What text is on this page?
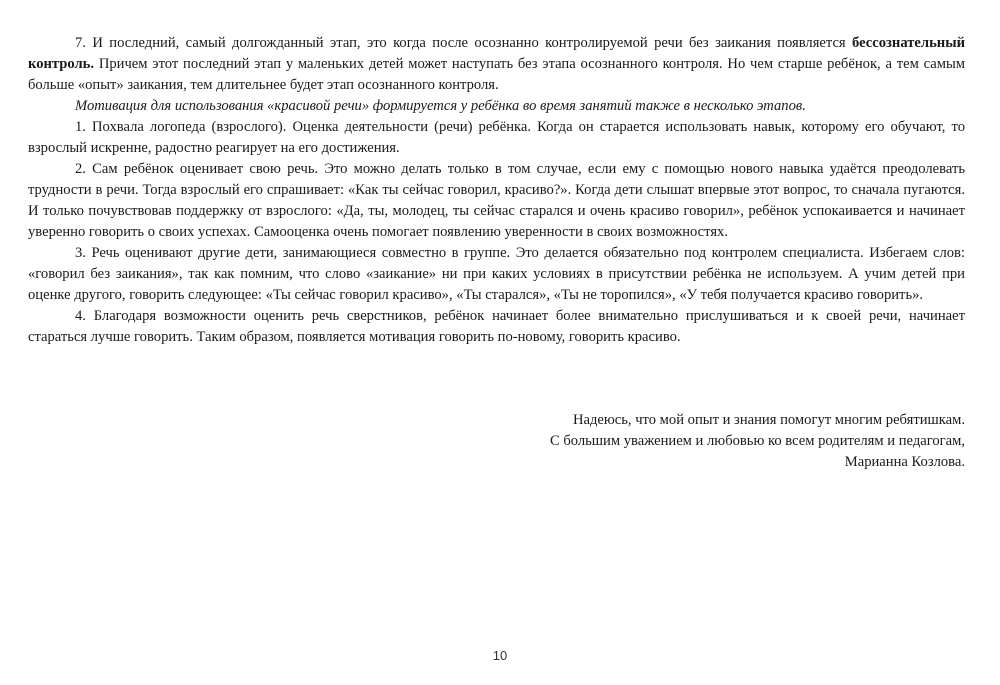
7. И последний, самый долгожданный этап, это когда после осознанно контролируемой речи без заикания появляется бессознательный контроль. Причем этот последний этап у маленьких детей может наступать без этапа осознанного контроля. Но чем старше ребёнок, а тем самым больше «опыт» заикания, тем длительнее будет этап осознанного контроля.

Мотивация для использования «красивой речи» формируется у ребёнка во время занятий также в несколько этапов.

1. Похвала логопеда (взрослого). Оценка деятельности (речи) ребёнка. Когда он старается использовать навык, которому его обучают, то взрослый искренне, радостно реагирует на его достижения.

2. Сам ребёнок оценивает свою речь. Это можно делать только в том случае, если ему с помощью нового навыка удаётся преодолевать трудности в речи. Тогда взрослый его спрашивает: «Как ты сейчас говорил, красиво?». Когда дети слышат впервые этот вопрос, то сначала пугаются. И только почувствовав поддержку от взрослого: «Да, ты, молодец, ты сейчас старался и очень красиво говорил», ребёнок успокаивается и начинает уверенно говорить о своих успехах. Самооценка очень помогает появлению уверенности в своих возможностях.

3. Речь оценивают другие дети, занимающиеся совместно в группе. Это делается обязательно под контролем специалиста. Избегаем слов: «говорил без заикания», так как помним, что слово «заикание» ни при каких условиях в присутствии ребёнка не используем. А учим детей при оценке другого, говорить следующее: «Ты сейчас говорил красиво», «Ты старался», «Ты не торопился», «У тебя получается красиво говорить».

4. Благодаря возможности оценить речь сверстников, ребёнок начинает более внимательно прислушиваться и к своей речи, начинает стараться лучше говорить. Таким образом, появляется мотивация говорить по-новому, говорить красиво.

Надеюсь, что мой опыт и знания помогут многим ребятишкам.
С большим уважением и любовью ко всем родителям и педагогам,
Марианна Козлова.
10
